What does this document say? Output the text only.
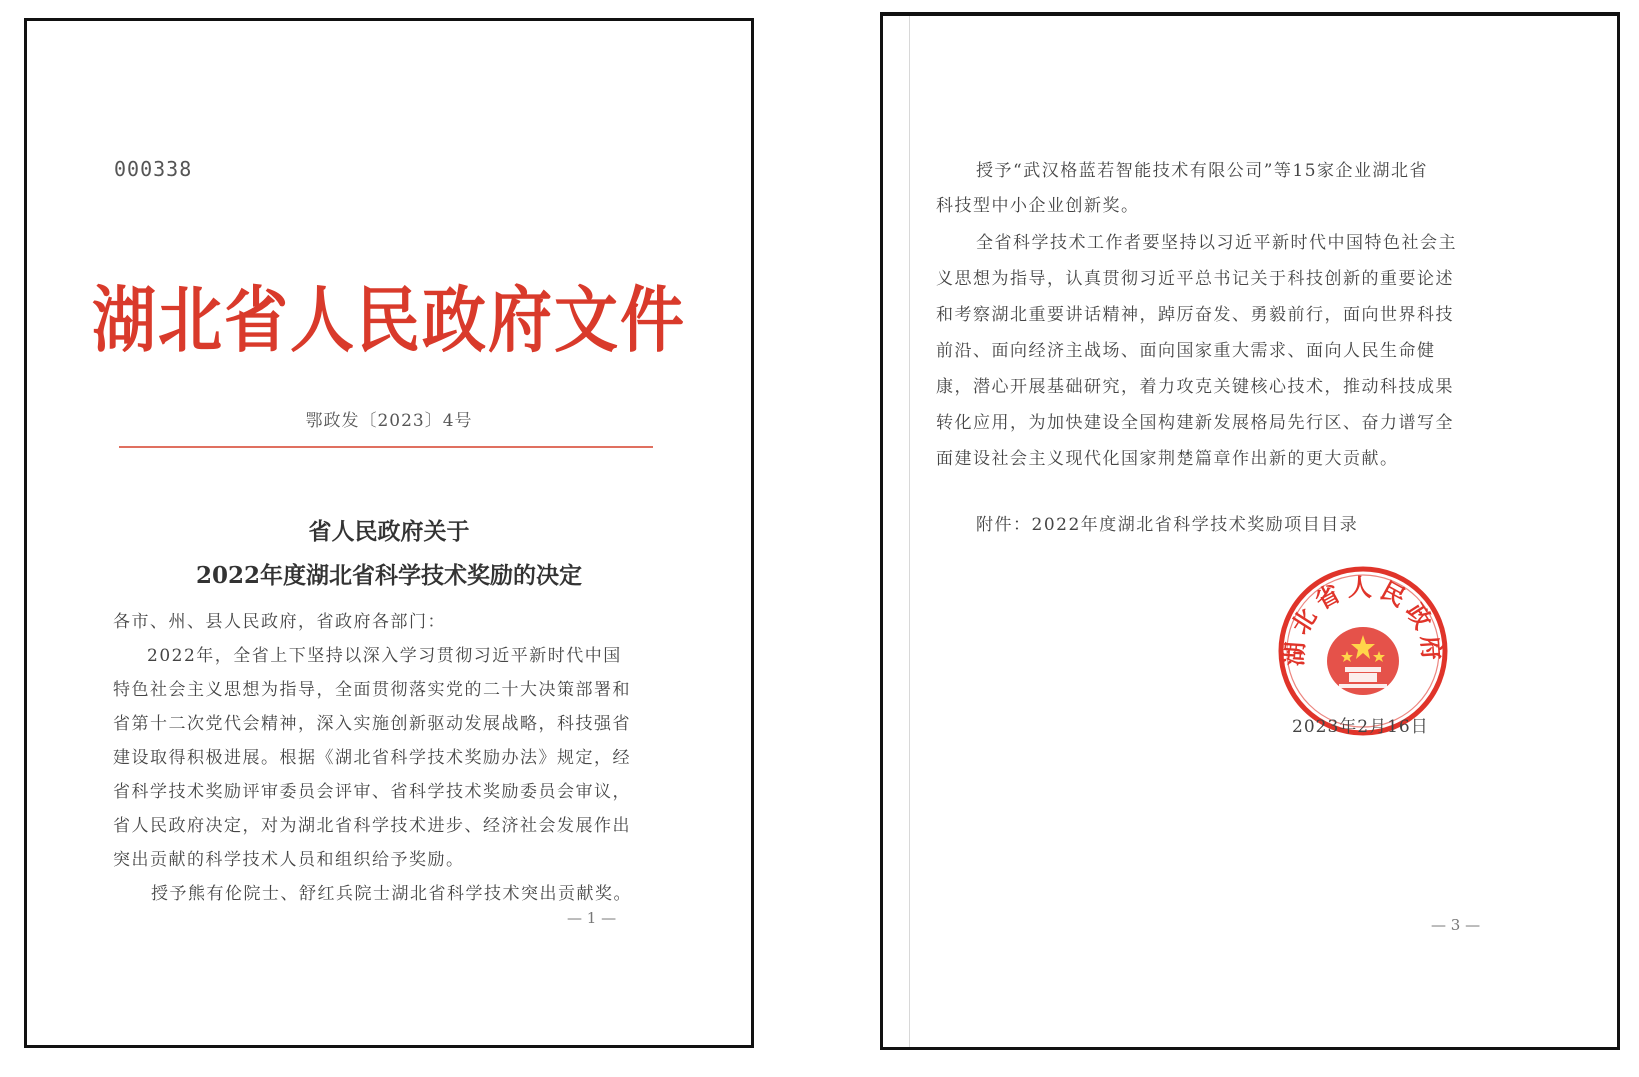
000338
湖北省人民政府文件
鄂政发〔2023〕4号
省人民政府关于
2022年度湖北省科学技术奖励的决定
各市、州、县人民政府，省政府各部门：
2022年，全省上下坚持以深入学习贯彻习近平新时代中国
特色社会主义思想为指导，全面贯彻落实党的二十大决策部署和
省第十二次党代会精神，深入实施创新驱动发展战略，科技强省
建设取得积极进展。根据《湖北省科学技术奖励办法》规定，经
省科学技术奖励评审委员会评审、省科学技术奖励委员会审议，
省人民政府决定，对为湖北省科学技术进步、经济社会发展作出
突出贡献的科学技术人员和组织给予奖励。
授予熊有伦院士、舒红兵院士湖北省科学技术突出贡献奖。
— 1 —
授予“武汉格蓝若智能技术有限公司”等15家企业湖北省
科技型中小企业创新奖。
全省科学技术工作者要坚持以习近平新时代中国特色社会主
义思想为指导，认真贯彻习近平总书记关于科技创新的重要论述
和考察湖北重要讲话精神，踔厉奋发、勇毅前行，面向世界科技
前沿、面向经济主战场、面向国家重大需求、面向人民生命健
康，潜心开展基础研究，着力攻克关键核心技术，推动科技成果
转化应用，为加快建设全国构建新发展格局先行区、奋力谱写全
面建设社会主义现代化国家荆楚篇章作出新的更大贡献。
附件：2022年度湖北省科学技术奖励项目目录
— 3 —
湖北省人民政府
2023年2月16日
